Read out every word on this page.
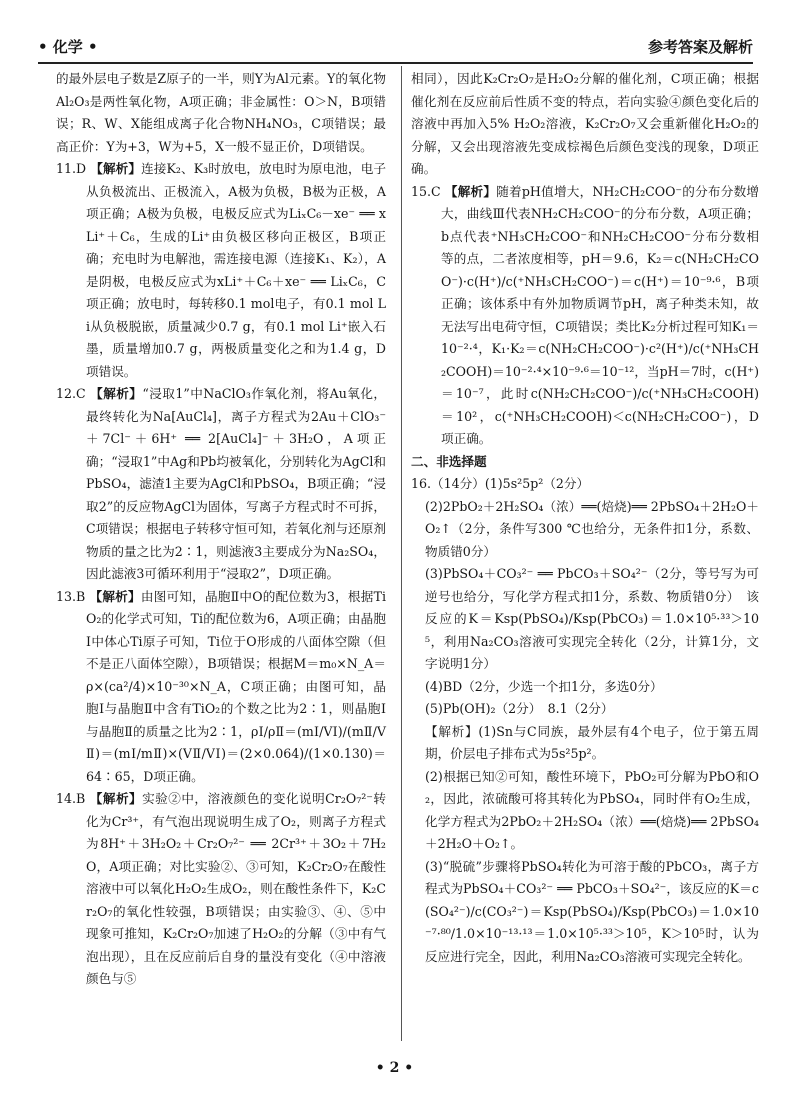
• 化学 •	参考答案及解析
的最外层电子数是Z原子的一半，则Y为Al元素。Y的氧化物Al₂O₃是两性氧化物，A项正确；非金属性：O＞N，B项错误；R、W、X能组成离子化合物NH₄NO₃，C项错误；最高正价：Y为+3，W为+5，X一般不显正价，D项错误。
11.D 【解析】连接K₂、K₃时放电，放电时为原电池，电子从负极流出、正极流入，A极为负极，B极为正极，A项正确；A极为负极，电极反应式为LiₓC₆－xe⁻ ══ xLi⁺＋C₆，生成的Li⁺由负极区移向正极区，B项正确；充电时为电解池，需连接电源（连接K₁、K₂），A是阴极，电极反应式为xLi⁺＋C₆＋xe⁻ ══ LiₓC₆，C项正确；放电时，每转移0.1 mol电子，有0.1 mol Li从负极脱嵌，质量减少0.7 g，有0.1 mol Li⁺嵌入石墨，质量增加0.7 g，两极质量变化之和为1.4 g，D项错误。
12.C 【解析】“浸取1”中NaClO₃作氧化剂，将Au氧化，最终转化为Na[AuCl₄]，离子方程式为2Au＋ClO₃⁻＋7Cl⁻＋6H⁺ ══ 2[AuCl₄]⁻＋3H₂O，A项正确；“浸取1”中Ag和Pb均被氧化，分别转化为AgCl和PbSO₄，滤渣1主要为AgCl和PbSO₄，B项正确；“浸取2”的反应物AgCl为固体，写离子方程式时不可拆，C项错误；根据电子转移守恒可知，若氧化剂与还原剂物质的量之比为2∶1，则滤液3主要成分为Na₂SO₄，因此滤液3可循环利用于“浸取2”，D项正确。
13.B 【解析】由图可知，晶胞Ⅱ中O的配位数为3，根据TiO₂的化学式可知，Ti的配位数为6，A项正确；由晶胞Ⅰ中体心Ti原子可知，Ti位于O形成的八面体空隙（但不是正八面体空隙），B项错误；根据M＝m₀×N_A＝ρ×(ca²/4)×10⁻³⁰×N_A，C项正确；由图可知，晶胞Ⅰ与晶胞Ⅱ中含有TiO₂的个数之比为2∶1，则晶胞Ⅰ与晶胞Ⅱ的质量之比为2∶1，ρⅠ/ρⅡ＝(mⅠ/VⅠ)/(mⅡ/VⅡ)＝(mⅠ/mⅡ)×(VⅡ/VⅠ)＝(2×0.064)/(1×0.130)＝64∶65，D项正确。
14.B 【解析】实验②中，溶液颜色的变化说明Cr₂O₇²⁻转化为Cr³⁺，有气泡出现说明生成了O₂，则离子方程式为8H⁺＋3H₂O₂＋Cr₂O₇²⁻ ══ 2Cr³⁺＋3O₂＋7H₂O，A项正确；对比实验②、③可知，K₂Cr₂O₇在酸性溶液中可以氧化H₂O₂生成O₂，则在酸性条件下，K₂Cr₂O₇的氧化性较强，B项错误；由实验③、④、⑤中现象可推知，K₂Cr₂O₇加速了H₂O₂的分解（③中有气泡出现），且在反应前后自身的量没有变化（④中溶液颜色与⑤
相同），因此K₂Cr₂O₇是H₂O₂分解的催化剂，C项正确；根据催化剂在反应前后性质不变的特点，若向实验④颜色变化后的溶液中再加入5% H₂O₂溶液，K₂Cr₂O₇又会重新催化H₂O₂的分解，又会出现溶液先变成棕褐色后颜色变浅的现象，D项正确。
15.C 【解析】随着pH值增大，NH₂CH₂COO⁻的分布分数增大，曲线Ⅲ代表NH₂CH₂COO⁻的分布分数，A项正确；b点代表⁺NH₃CH₂COO⁻和NH₂CH₂COO⁻分布分数相等的点，二者浓度相等，pH＝9.6，K₂＝c(NH₂CH₂COO⁻)·c(H⁺)/c(⁺NH₃CH₂COO⁻)＝c(H⁺)＝10⁻⁹·⁶，B项正确；该体系中有外加物质调节pH，离子种类未知，故无法写出电荷守恒，C项错误；类比K₂分析过程可知K₁＝10⁻²·⁴，K₁·K₂＝c(NH₂CH₂COO⁻)·c²(H⁺)/c(⁺NH₃CH₂COOH)＝10⁻²·⁴×10⁻⁹·⁶＝10⁻¹²，当pH＝7时，c(H⁺)＝10⁻⁷，此时c(NH₂CH₂COO⁻)/c(⁺NH₃CH₂COOH)＝10²，c(⁺NH₃CH₂COOH)＜c(NH₂CH₂COO⁻)，D项正确。
二、非选择题
16.（14分）(1)5s²5p²（2分）
(2)2PbO₂＋2H₂SO₄（浓）══(焙烧)══ 2PbSO₄＋2H₂O＋O₂↑（2分，条件写300 ℃也给分，无条件扣1分，系数、物质错0分）
(3)PbSO₄＋CO₃²⁻ ══ PbCO₃＋SO₄²⁻（2分，等号写为可逆号也给分，写化学方程式扣1分，系数、物质错0分）　该反应的K＝Ksp(PbSO₄)/Ksp(PbCO₃)＝1.0×10⁵·³³＞10⁵，利用Na₂CO₃溶液可实现完全转化（2分，计算1分，文字说明1分）
(4)BD（2分，少选一个扣1分，多选0分）
(5)Pb(OH)₂（2分）　8.1（2分）
【解析】(1)Sn与C同族，最外层有4个电子，位于第五周期，价层电子排布式为5s²5p²。
(2)根据已知②可知，酸性环境下，PbO₂可分解为PbO和O₂，因此，浓硫酸可将其转化为PbSO₄，同时伴有O₂生成，化学方程式为2PbO₂＋2H₂SO₄（浓）══(焙烧)══ 2PbSO₄＋2H₂O＋O₂↑。
(3)“脱硫”步骤将PbSO₄转化为可溶于酸的PbCO₃，离子方程式为PbSO₄＋CO₃²⁻ ══ PbCO₃＋SO₄²⁻，该反应的K＝c(SO₄²⁻)/c(CO₃²⁻)＝Ksp(PbSO₄)/Ksp(PbCO₃)＝1.0×10⁻⁷·⁸⁰/1.0×10⁻¹³·¹³＝1.0×10⁵·³³＞10⁵，K＞10⁵时，认为反应进行完全，因此，利用Na₂CO₃溶液可实现完全转化。
• 2 •
